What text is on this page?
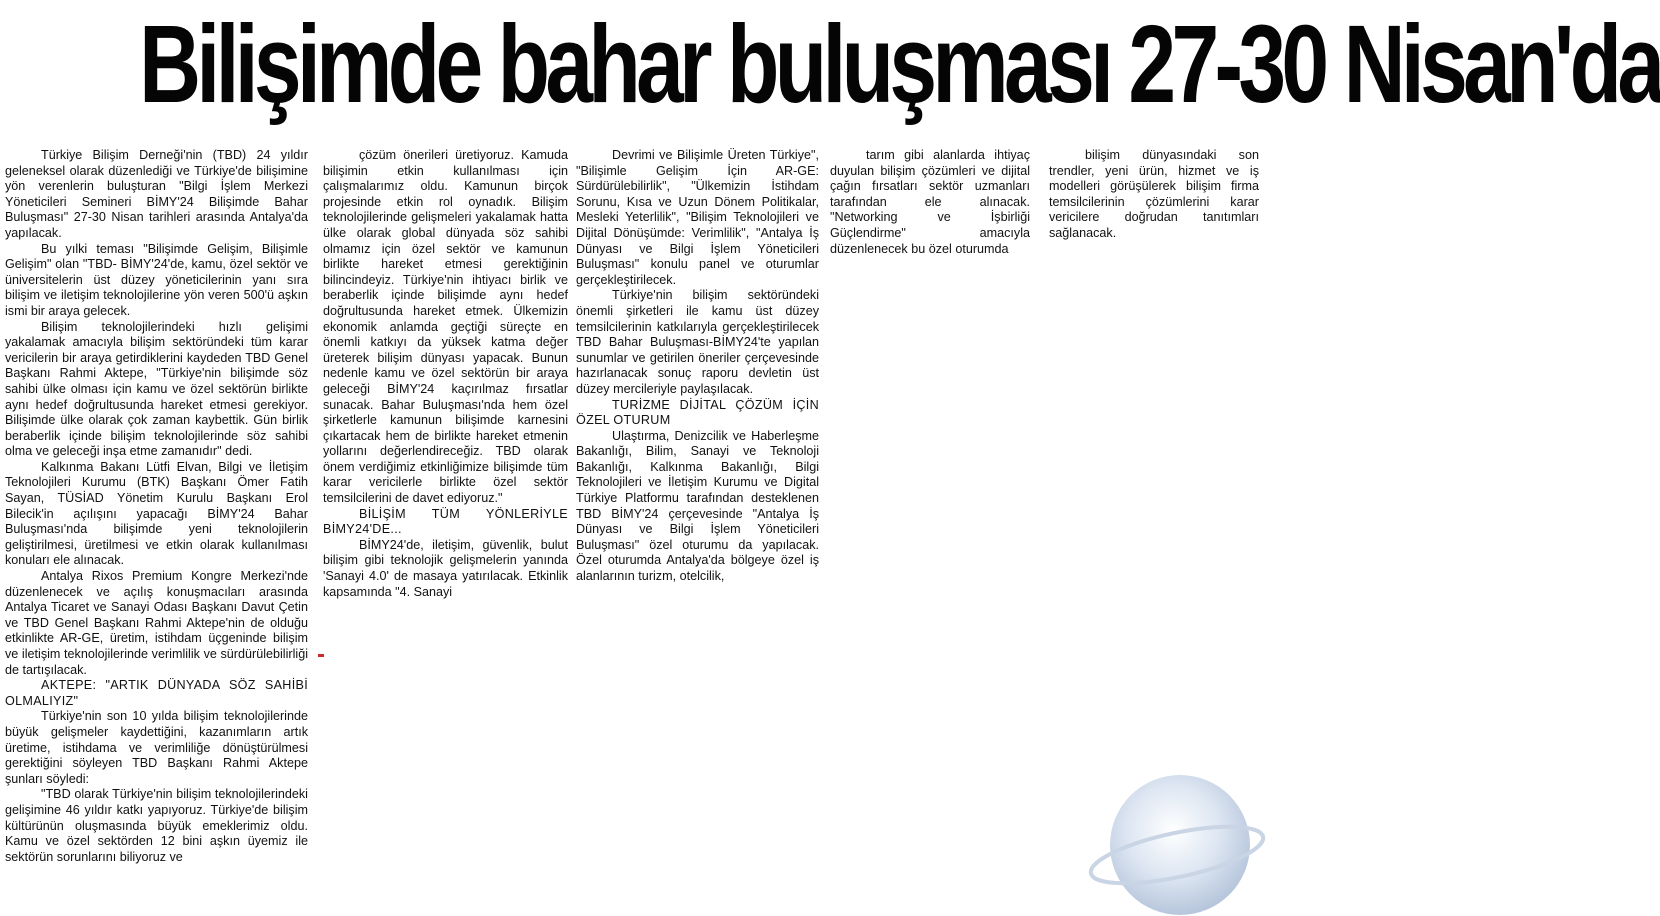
Bilişimde bahar buluşması 27-30 Nisan'da

Türkiye Bilişim Derneği'nin (TBD) 24 yıldır geleneksel olarak düzenlediği ve Türkiye'de bilişimine yön verenlerin buluşturan "Bilgi İşlem Merkezi Yöneticileri Semineri BİMY'24 Bilişimde Bahar Buluşması" 27-30 Nisan tarihleri arasında Antalya'da yapılacak.

Bu yılki teması "Bilişimde Gelişim, Bilişimle Gelişim" olan "TBD- BİMY'24'de, kamu, özel sektör ve üniversitelerin üst düzey yöneticilerinin yanı sıra bilişim ve iletişim teknolojilerine yön veren 500'ü aşkın ismi bir araya gelecek.

Bilişim teknolojilerindeki hızlı gelişimi yakalamak amacıyla bilişim sektöründeki tüm karar vericilerin bir araya getirdiklerini kaydeden TBD Genel Başkanı Rahmi Aktepe, "Türkiye'nin bilişimde söz sahibi ülke olması için kamu ve özel sektörün birlikte aynı hedef doğrultusunda hareket etmesi gerekiyor. Bilişimde ülke olarak çok zaman kaybettik. Gün birlik beraberlik içinde bilişim teknolojilerinde söz sahibi olma ve geleceği inşa etme zamanıdır" dedi.

Kalkınma Bakanı Lütfi Elvan, Bilgi ve İletişim Teknolojileri Kurumu (BTK) Başkanı Ömer Fatih Sayan, TÜSİAD Yönetim Kurulu Başkanı Erol Bilecik'in açılışını yapacağı BİMY'24 Bahar Buluşması'nda bilişimde yeni teknolojilerin geliştirilmesi, üretilmesi ve etkin olarak kullanılması konuları ele alınacak.

Antalya Rixos Premium Kongre Merkezi'nde düzenlenecek ve açılış konuşmacıları arasında Antalya Ticaret ve Sanayi Odası Başkanı Davut Çetin ve TBD Genel Başkanı Rahmi Aktepe'nin de olduğu etkinlikte AR-GE, üretim, istihdam üçgeninde bilişim ve iletişim teknolojilerinde verimlilik ve sürdürülebilirliği de tartışılacak.

AKTEPE: "ARTIK DÜNYADA SÖZ SAHİBİ OLMALIYIZ"

Türkiye'nin son 10 yılda bilişim teknolojilerinde büyük gelişmeler kaydettiğini, kazanımların artık üretime, istihdama ve verimliliğe dönüştürülmesi gerektiğini söyleyen TBD Başkanı Rahmi Aktepe şunları söyledi:

"TBD olarak Türkiye'nin bilişim teknolojilerindeki gelişimine 46 yıldır katkı yapıyoruz. Türkiye'de bilişim kültürünün oluşmasında büyük emeklerimiz oldu. Kamu ve özel sektörden 12 bini aşkın üyemiz ile sektörün sorunlarını biliyoruz ve

çözüm önerileri üretiyoruz. Kamuda bilişimin etkin kullanılması için çalışmalarımız oldu. Kamunun birçok projesinde etkin rol oynadık. Bilişim teknolojilerinde gelişmeleri yakalamak hatta ülke olarak global dünyada söz sahibi olmamız için özel sektör ve kamunun birlikte hareket etmesi gerektiğinin bilincindeyiz. Türkiye'nin ihtiyacı birlik ve beraberlik içinde bilişimde aynı hedef doğrultusunda hareket etmek. Ülkemizin ekonomik anlamda geçtiği süreçte en önemli katkıyı da yüksek katma değer üreterek bilişim dünyası yapacak. Bunun nedenle kamu ve özel sektörün bir araya geleceği BİMY'24 kaçırılmaz fırsatlar sunacak. Bahar Buluşması'nda hem özel şirketlerle kamunun bilişimde karnesini çıkartacak hem de birlikte hareket etmenin yollarını değerlendireceğiz. TBD olarak önem verdiğimiz etkinliğimize bilişimde tüm karar vericilerle birlikte özel sektör temsilcilerini de davet ediyoruz."

BİLİŞİM TÜM YÖNLERİYLE BİMY24'DE...

BİMY24'de, iletişim, güvenlik, bulut bilişim gibi teknolojik gelişmelerin yanında 'Sanayi 4.0' de masaya yatırılacak. Etkinlik kapsamında "4. Sanayi

Devrimi ve Bilişimle Üreten Türkiye", "Bilişimle Gelişim İçin AR-GE: Sürdürülebilirlik", "Ülkemizin İstihdam Sorunu, Kısa ve Uzun Dönem Politikalar, Mesleki Yeterlilik", "Bilişim Teknolojileri ve Dijital Dönüşümde: Verimlilik", "Antalya İş Dünyası ve Bilgi İşlem Yöneticileri Buluşması" konulu panel ve oturumlar gerçekleştirilecek.

Türkiye'nin bilişim sektöründeki önemli şirketleri ile kamu üst düzey temsilcilerinin katkılarıyla gerçekleştirilecek TBD Bahar Buluşması-BİMY24'te yapılan sunumlar ve getirilen öneriler çerçevesinde hazırlanacak sonuç raporu devletin üst düzey mercileriyle paylaşılacak.

TURİZME DİJİTAL ÇÖZÜM İÇİN ÖZEL OTURUM

Ulaştırma, Denizcilik ve Haberleşme Bakanlığı, Bilim, Sanayi ve Teknoloji Bakanlığı, Kalkınma Bakanlığı, Bilgi Teknolojileri ve İletişim Kurumu ve Digital Türkiye Platformu tarafından desteklenen TBD BİMY'24 çerçevesinde "Antalya İş Dünyası ve Bilgi İşlem Yöneticileri Buluşması" özel oturumu da yapılacak. Özel oturumda Antalya'da bölgeye özel iş alanlarının turizm, otelcilik,

tarım gibi alanlarda ihtiyaç duyulan bilişim çözümleri ve dijital çağın fırsatları sektör uzmanları tarafından ele alınacak. "Networking ve İşbirliği Güçlendirme" amacıyla düzenlenecek bu özel oturumda

bilişim dünyasındaki son trendler, yeni ürün, hizmet ve iş modelleri görüşülerek bilişim firma temsilcilerinin çözümlerini karar vericilere doğrudan tanıtımları sağlanacak.
